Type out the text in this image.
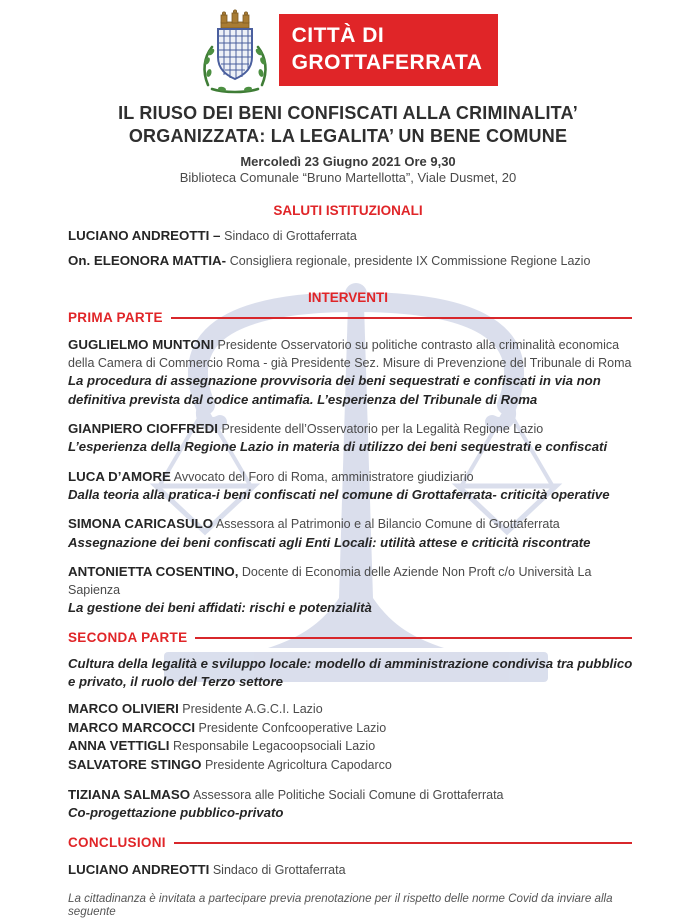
CITTÀ DI
GROTTAFERRATA
IL RIUSO DEI BENI CONFISCATI ALLA CRIMINALITA’
ORGANIZZATA: LA LEGALITA’ UN BENE COMUNE
Mercoledì 23 Giugno 2021 Ore 9,30
Biblioteca Comunale “Bruno Martellotta”, Viale Dusmet, 20
SALUTI ISTITUZIONALI

LUCIANO ANDREOTTI – Sindaco di Grottaferrata

On. ELEONORA MATTIA- Consigliera regionale, presidente IX Commissione Regione Lazio

INTERVENTI
PRIMA PARTE

GUGLIELMO MUNTONI Presidente Osservatorio su politiche contrasto alla criminalità economica della Camera di Commercio Roma - già Presidente Sez. Misure di Prevenzione del Tribunale di Roma

La procedura di assegnazione provvisoria dei beni sequestrati e confiscati in via non definitiva prevista dal codice antimafia. L’esperienza del Tribunale di Roma

GIANPIERO CIOFFREDI Presidente dell’Osservatorio per la Legalità Regione Lazio

L’esperienza della Regione Lazio in materia di utilizzo dei beni sequestrati e confiscati

LUCA D’AMORE Avvocato del Foro di Roma, amministratore giudiziario

Dalla teoria alla pratica-i beni confiscati nel comune di Grottaferrata- criticità operative

SIMONA CARICASULO Assessora al Patrimonio e al Bilancio Comune di Grottaferrata

Assegnazione dei beni confiscati agli Enti Locali: utilità attese e criticità riscontrate

ANTONIETTA COSENTINO, Docente di Economia delle Aziende Non Proft c/o Università La Sapienza

La gestione dei beni affidati: rischi e potenzialità

SECONDA PARTE

Cultura della legalità e sviluppo locale: modello di amministrazione condivisa tra pubblico e privato, il ruolo del Terzo settore

MARCO OLIVIERI Presidente A.G.C.I. Lazio

MARCO MARCOCCI Presidente Confcooperative Lazio

ANNA VETTIGLI Responsabile Legacoopsociali Lazio

SALVATORE STINGO Presidente Agricoltura Capodarco

TIZIANA SALMASO Assessora alle Politiche Sociali Comune di Grottaferrata

Co-progettazione pubblico-privato

CONCLUSIONI

LUCIANO ANDREOTTI Sindaco di Grottaferrata

La cittadinanza è invitata a partecipare previa prenotazione per il rispetto delle norme Covid da inviare alla seguente
